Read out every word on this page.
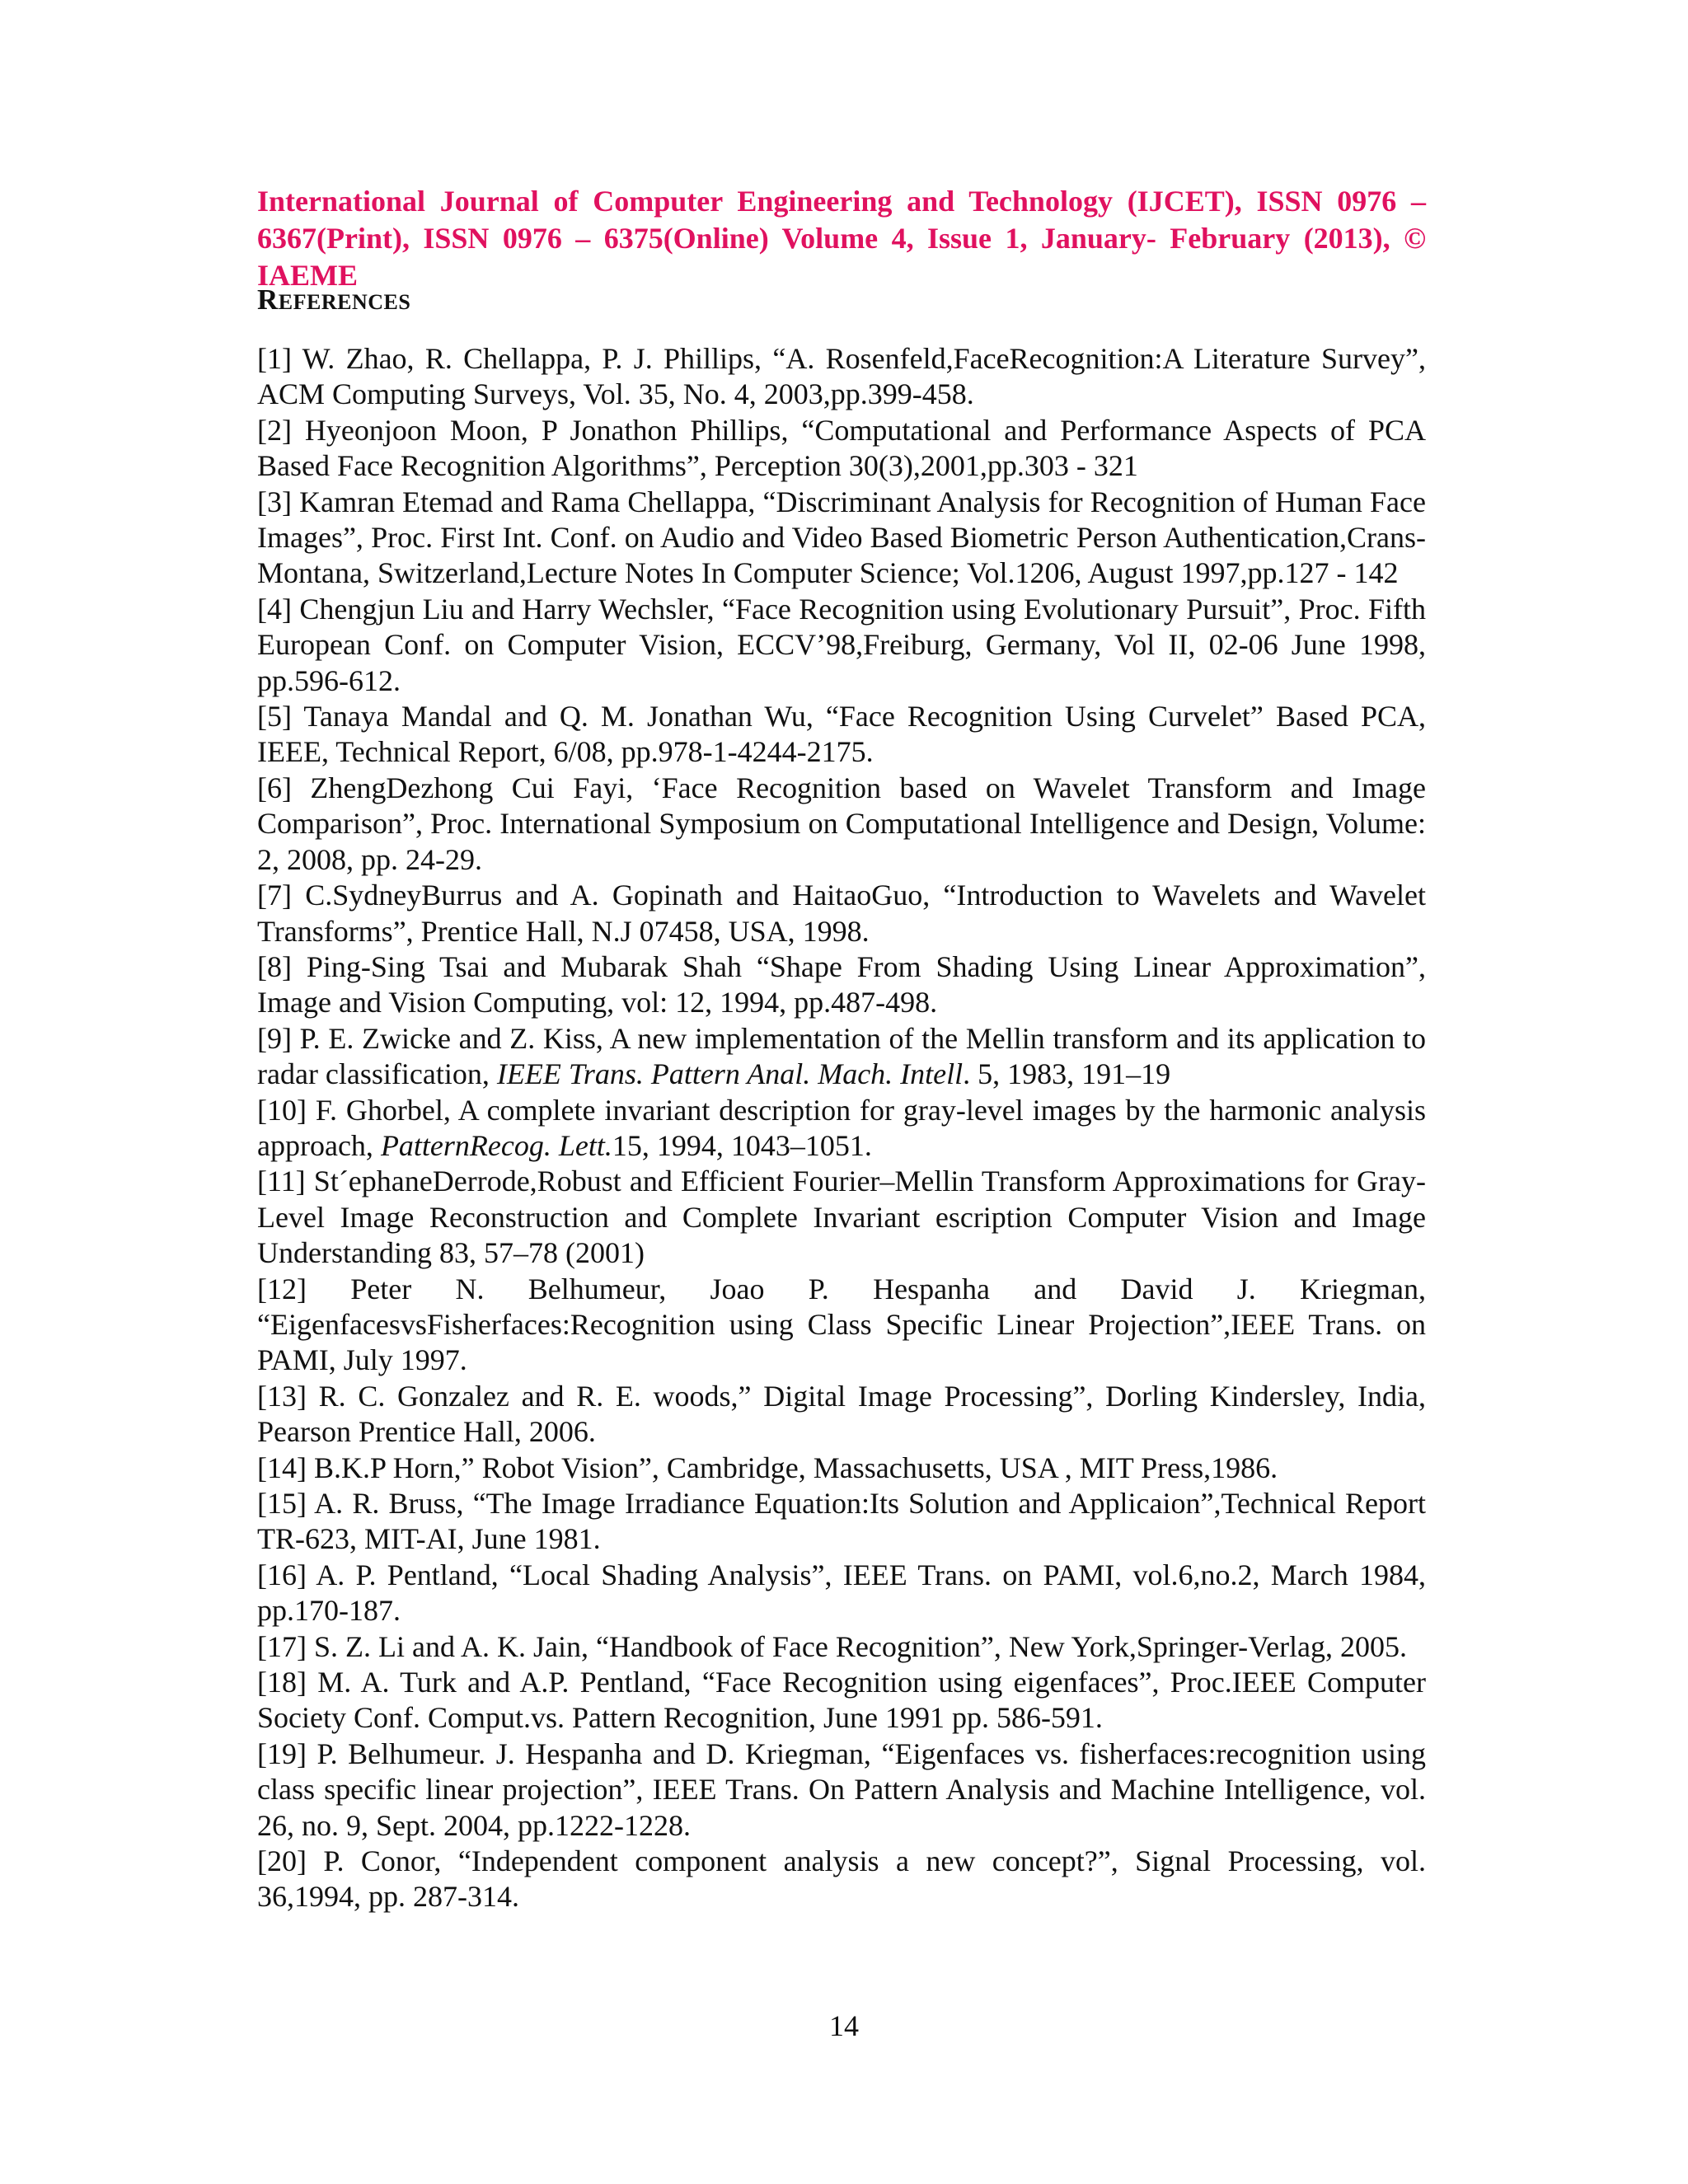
International Journal of Computer Engineering and Technology (IJCET), ISSN 0976 –
6367(Print), ISSN 0976 – 6375(Online) Volume 4, Issue 1, January- February (2013), © IAEME
REFERENCES

[1] W. Zhao, R. Chellappa, P. J. Phillips, “A. Rosenfeld,FaceRecognition:A Literature Survey”, ACM Computing Surveys, Vol. 35, No. 4, 2003,pp.399-458.

[2] Hyeonjoon Moon, P Jonathon Phillips, “Computational and Performance Aspects of PCA Based Face Recognition Algorithms”, Perception 30(3),2001,pp.303 - 321

[3] Kamran Etemad and Rama Chellappa, “Discriminant Analysis for Recognition of Human Face Images”, Proc. First Int. Conf. on Audio and Video Based Biometric Person Authentication,Crans-Montana, Switzerland,Lecture Notes In Computer Science; Vol.1206, August 1997,pp.127 - 142

[4] Chengjun Liu and Harry Wechsler, “Face Recognition using Evolutionary Pursuit”, Proc. Fifth European Conf. on Computer Vision, ECCV’98,Freiburg, Germany, Vol II, 02-06 June 1998, pp.596-612.

[5] Tanaya Mandal and Q. M. Jonathan Wu, “Face Recognition Using Curvelet” Based PCA, IEEE, Technical Report, 6/08, pp.978-1-4244-2175.

[6] ZhengDezhong Cui Fayi, ‘Face Recognition based on Wavelet Transform and Image Comparison”, Proc. International Symposium on Computational Intelligence and Design, Volume: 2, 2008, pp. 24-29.

[7] C.SydneyBurrus and A. Gopinath and HaitaoGuo, “Introduction to Wavelets and Wavelet Transforms”, Prentice Hall, N.J 07458, USA, 1998.

[8] Ping-Sing Tsai and Mubarak Shah “Shape From Shading Using Linear Approximation”, Image and Vision Computing, vol: 12, 1994, pp.487-498.

[9] P. E. Zwicke and Z. Kiss, A new implementation of the Mellin transform and its application to radar classification, IEEE Trans. Pattern Anal. Mach. Intell. 5, 1983, 191–19

[10] F. Ghorbel, A complete invariant description for gray-level images by the harmonic analysis approach, PatternRecog. Lett.15, 1994, 1043–1051.

[11] St´ephaneDerrode,Robust and Efficient Fourier–Mellin Transform Approximations for Gray-Level Image Reconstruction and Complete Invariant escription Computer Vision and Image Understanding 83, 57–78 (2001)

[12] Peter N. Belhumeur, Joao P. Hespanha and David J. Kriegman, “EigenfacesvsFisherfaces:Recognition using Class Specific Linear Projection”,IEEE Trans. on PAMI, July 1997.

[13] R. C. Gonzalez and R. E. woods,” Digital Image Processing”, Dorling Kindersley, India, Pearson Prentice Hall, 2006.

[14] B.K.P Horn,” Robot Vision”, Cambridge, Massachusetts, USA , MIT Press,1986.

[15] A. R. Bruss, “The Image Irradiance Equation:Its Solution and Applicaion”,Technical Report TR-623, MIT-AI, June 1981.

[16] A. P. Pentland, “Local Shading Analysis”, IEEE Trans. on PAMI, vol.6,no.2, March 1984, pp.170-187.

[17] S. Z. Li and A. K. Jain, “Handbook of Face Recognition”, New York,Springer-Verlag, 2005.

[18] M. A. Turk and A.P. Pentland, “Face Recognition using eigenfaces”, Proc.IEEE Computer Society Conf. Comput.vs. Pattern Recognition, June 1991 pp. 586-591.

[19] P. Belhumeur. J. Hespanha and D. Kriegman, “Eigenfaces vs. fisherfaces:recognition using class specific linear projection”, IEEE Trans. On Pattern Analysis and Machine Intelligence, vol. 26, no. 9, Sept. 2004, pp.1222-1228.

[20] P. Conor, “Independent component analysis a new concept?”, Signal Processing, vol. 36,1994, pp. 287-314.

14
